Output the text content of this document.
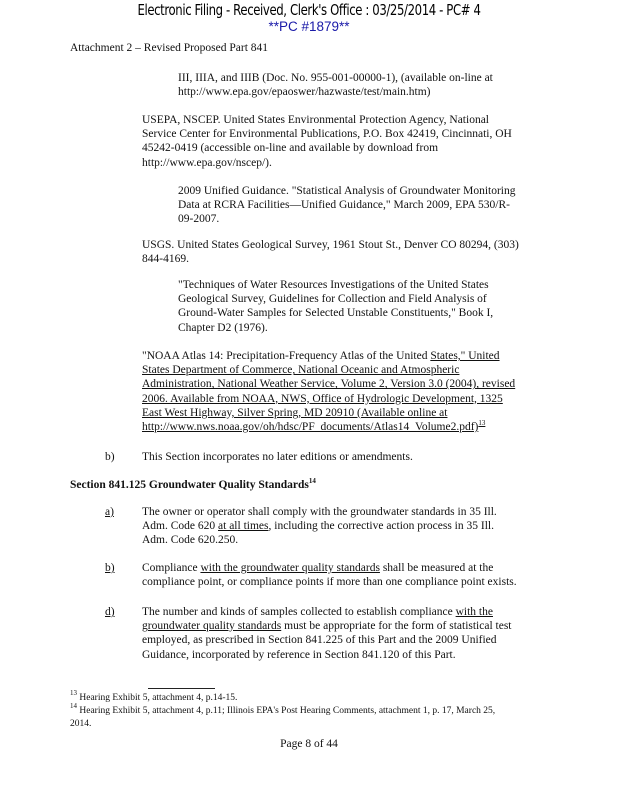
Electronic Filing - Received, Clerk's Office : 03/25/2014 - PC# 4
**PC #1879**
Attachment 2 – Revised Proposed Part 841
III, IIIA, and IIIB (Doc. No. 955-001-00000-1), (available on-line at
http://www.epa.gov/epaoswer/hazwaste/test/main.htm)
USEPA, NSCEP. United States Environmental Protection Agency, National
Service Center for Environmental Publications, P.O. Box 42419, Cincinnati, OH
45242-0419 (accessible on-line and available by download from
http://www.epa.gov/nscep/).
2009 Unified Guidance. "Statistical Analysis of Groundwater Monitoring
Data at RCRA Facilities—Unified Guidance," March 2009, EPA 530/R-
09-2007.
USGS. United States Geological Survey, 1961 Stout St., Denver CO 80294, (303)
844-4169.
"Techniques of Water Resources Investigations of the United States
Geological Survey, Guidelines for Collection and Field Analysis of
Ground-Water Samples for Selected Unstable Constituents," Book I,
Chapter D2 (1976).
"NOAA Atlas 14: Precipitation-Frequency Atlas of the United States," United
States Department of Commerce, National Oceanic and Atmospheric
Administration, National Weather Service, Volume 2, Version 3.0 (2004), revised
2006. Available from NOAA, NWS, Office of Hydrologic Development, 1325
East West Highway, Silver Spring, MD 20910 (Available online at
http://www.nws.noaa.gov/oh/hdsc/PF_documents/Atlas14_Volume2.pdf)$^{13}$
b) This Section incorporates no later editions or amendments.
Section 841.125 Groundwater Quality Standards$^{14}$
a) The owner or operator shall comply with the groundwater standards in 35 Ill.
Adm. Code 620 at all times, including the corrective action process in 35 Ill.
Adm. Code 620.250.
b) Compliance with the groundwater quality standards shall be measured at the
compliance point, or compliance points if more than one compliance point exists.
d) The number and kinds of samples collected to establish compliance with the
groundwater quality standards must be appropriate for the form of statistical test
employed, as prescribed in Section 841.225 of this Part and the 2009 Unified
Guidance, incorporated by reference in Section 841.120 of this Part.
$^{13}$ Hearing Exhibit 5, attachment 4, p.14-15.
$^{14}$ Hearing Exhibit 5, attachment 4, p.11; Illinois EPA's Post Hearing Comments, attachment 1, p. 17, March 25,
2014.
Page 8 of 44
